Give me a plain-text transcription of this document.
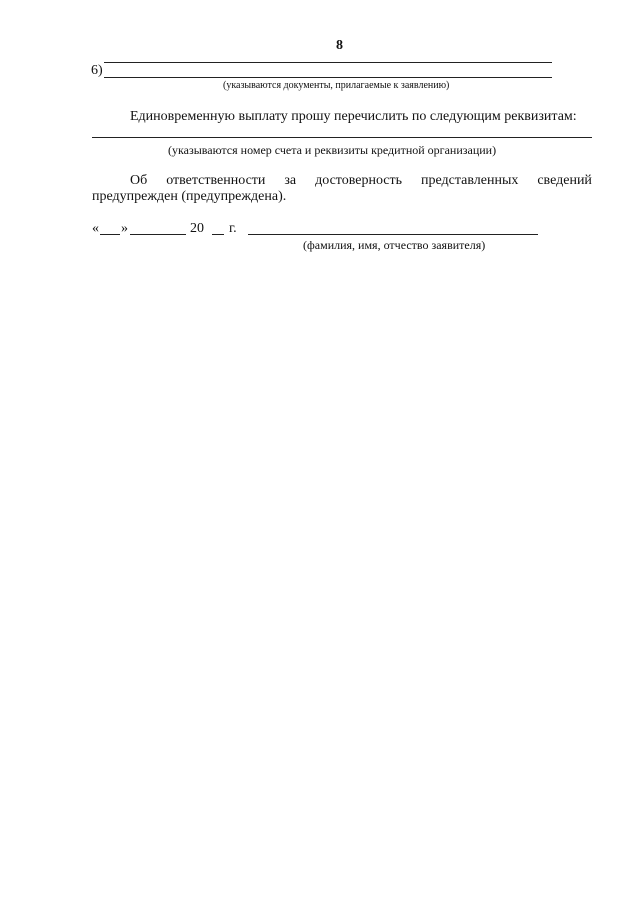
8
6)
(указываются документы, прилагаемые к заявлению)
Единовременную выплату прошу перечислить по следующим реквизитам:
(указываются номер счета и реквизиты кредитной организации)
Об ответственности за достоверность представленных сведений
предупрежден (предупреждена).
« »	20 г.
(фамилия, имя, отчество заявителя)
